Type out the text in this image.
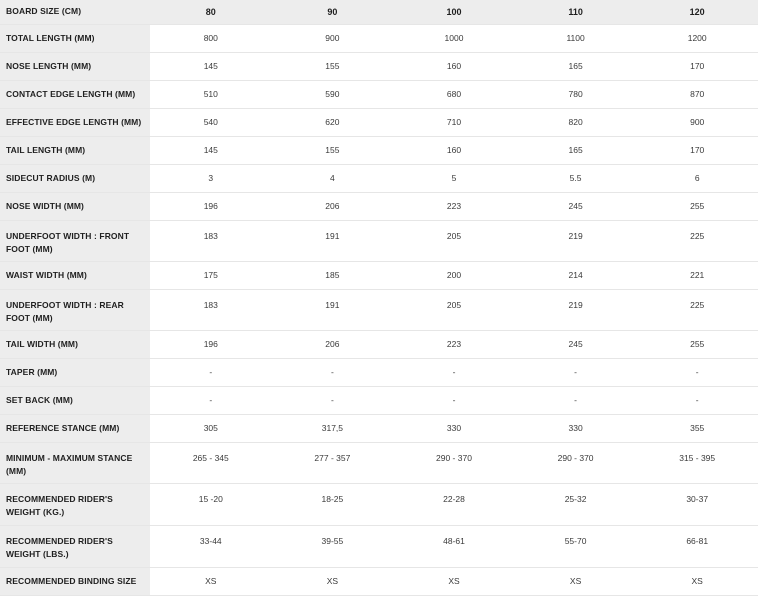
BOARD SIZE (CM)	80	90	100	110	120
TOTAL LENGTH (MM)	800	900	1000	1100	1200
NOSE LENGTH (MM)	145	155	160	165	170
CONTACT EDGE LENGTH (MM)	510	590	680	780	870
EFFECTIVE EDGE LENGTH (MM)	540	620	710	820	900
TAIL LENGTH (MM)	145	155	160	165	170
SIDECUT RADIUS (M)	3	4	5	5.5	6
NOSE WIDTH (MM)	196	206	223	245	255
UNDERFOOT WIDTH : FRONT FOOT (MM)	183	191	205	219	225
WAIST WIDTH (MM)	175	185	200	214	221
UNDERFOOT WIDTH : REAR FOOT (MM)	183	191	205	219	225
TAIL WIDTH (MM)	196	206	223	245	255
TAPER (MM)	-	-	-	-	-
SET BACK (MM)	-	-	-	-	-
REFERENCE STANCE (MM)	305	317,5	330	330	355
MINIMUM - MAXIMUM STANCE (MM)	265 - 345	277 - 357	290 - 370	290 - 370	315 - 395
RECOMMENDED RIDER'S WEIGHT (KG.)	15 -20	18-25	22-28	25-32	30-37
RECOMMENDED RIDER'S WEIGHT (LBS.)	33-44	39-55	48-61	55-70	66-81
RECOMMENDED BINDING SIZE	XS	XS	XS	XS	XS
